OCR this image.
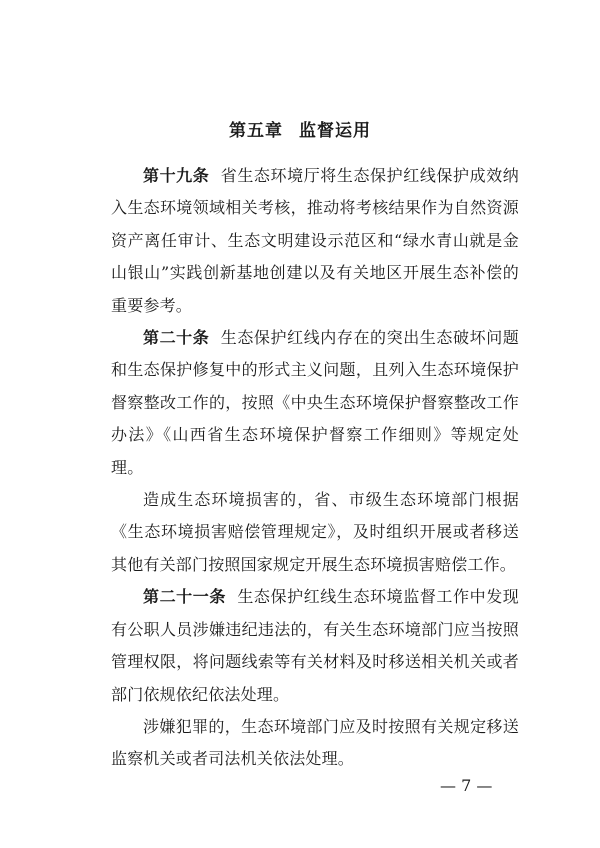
第五章 监督运用

第十九条 省生态环境厅将生态保护红线保护成效纳入生态环境领域相关考核，推动将考核结果作为自然资源资产离任审计、生态文明建设示范区和“绿水青山就是金山银山”实践创新基地创建以及有关地区开展生态补偿的重要参考。

第二十条 生态保护红线内存在的突出生态破坏问题和生态保护修复中的形式主义问题，且列入生态环境保护督察整改工作的，按照《中央生态环境保护督察整改工作办法》《山西省生态环境保护督察工作细则》等规定处理。

造成生态环境损害的，省、市级生态环境部门根据《生态环境损害赔偿管理规定》，及时组织开展或者移送其他有关部门按照国家规定开展生态环境损害赔偿工作。

第二十一条 生态保护红线生态环境监督工作中发现有公职人员涉嫌违纪违法的，有关生态环境部门应当按照管理权限，将问题线索等有关材料及时移送相关机关或者部门依规依纪依法处理。

涉嫌犯罪的，生态环境部门应及时按照有关规定移送监察机关或者司法机关依法处理。

— 7 —
